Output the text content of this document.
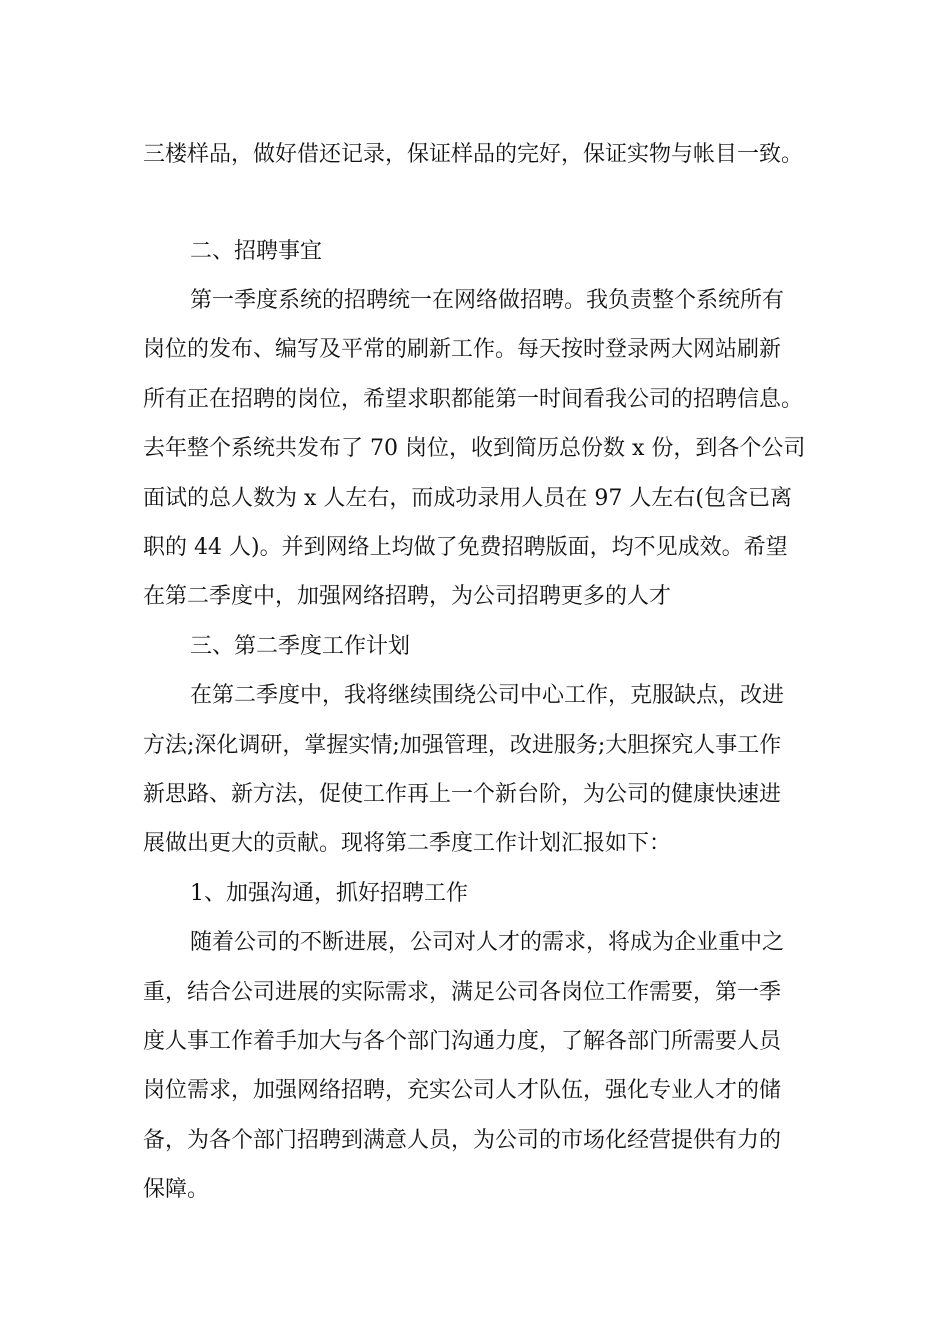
三楼样品，做好借还记录，保证样品的完好，保证实物与帐目一致。
二、招聘事宜
第一季度系统的招聘统一在网络做招聘。我负责整个系统所有
岗位的发布、编写及平常的刷新工作。每天按时登录两大网站刷新
所有正在招聘的岗位，希望求职都能第一时间看我公司的招聘信息。
去年整个系统共发布了 70 岗位，收到简历总份数 x 份，到各个公司
面试的总人数为 x 人左右，而成功录用人员在 97 人左右(包含已离
职的 44 人)。并到网络上均做了免费招聘版面，均不见成效。希望
在第二季度中，加强网络招聘，为公司招聘更多的人才
三、第二季度工作计划
在第二季度中，我将继续围绕公司中心工作，克服缺点，改进
方法;深化调研，掌握实情;加强管理，改进服务;大胆探究人事工作
新思路、新方法，促使工作再上一个新台阶，为公司的健康快速进
展做出更大的贡献。现将第二季度工作计划汇报如下：
1、加强沟通，抓好招聘工作
随着公司的不断进展，公司对人才的需求，将成为企业重中之
重，结合公司进展的实际需求，满足公司各岗位工作需要，第一季
度人事工作着手加大与各个部门沟通力度，了解各部门所需要人员
岗位需求，加强网络招聘，充实公司人才队伍，强化专业人才的储
备，为各个部门招聘到满意人员，为公司的市场化经营提供有力的
保障。
